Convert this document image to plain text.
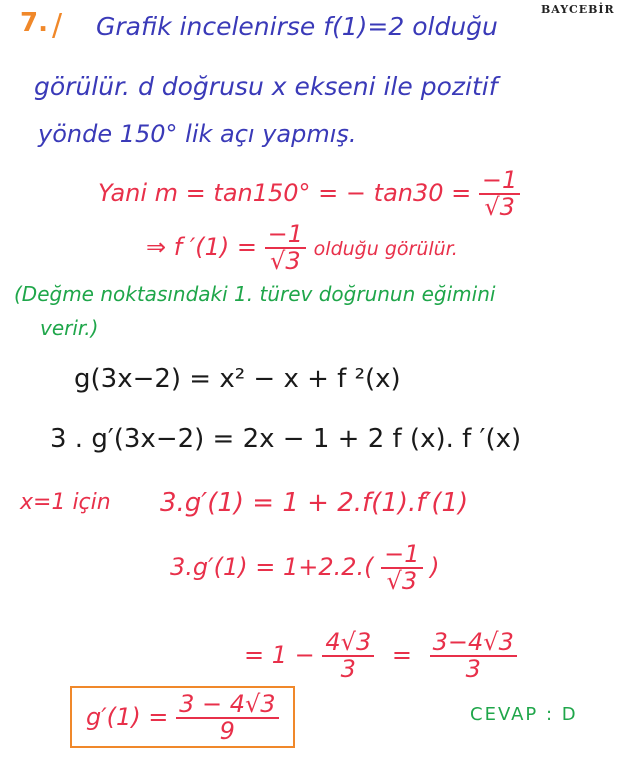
BAYCEBİR
7. / Grafik incelenirse f(1)=2 olduğu
görülür. d doğrusu x ekseni ile pozitif
yönde 150° lik açı yapmış.
Yani m = tan150° = − $\tan 30 = \frac{-1}{√3}$
⇒ f $'(1) = \frac{-1}{√3}$ olduğu görülür.
(Değme noktasındaki 1. türev doğrunun eğimini
verir.)
g(3x−2) = x² − x + f ²(x)
3 . g′(3x−2) = 2x − 1 + 2 f (x). f ′(x)
x=1 için 3.g′(1) = 1 + 2.f(1).f′(1)
$3.g'(1) = 1+2.2.( \frac{-1}{√3}$ )
= $1 - \frac{4√3}{3} = \frac{3-4√3}{3}$
$g'(1) = \frac{3 - 4√3}{9}$	CEVAP : D
